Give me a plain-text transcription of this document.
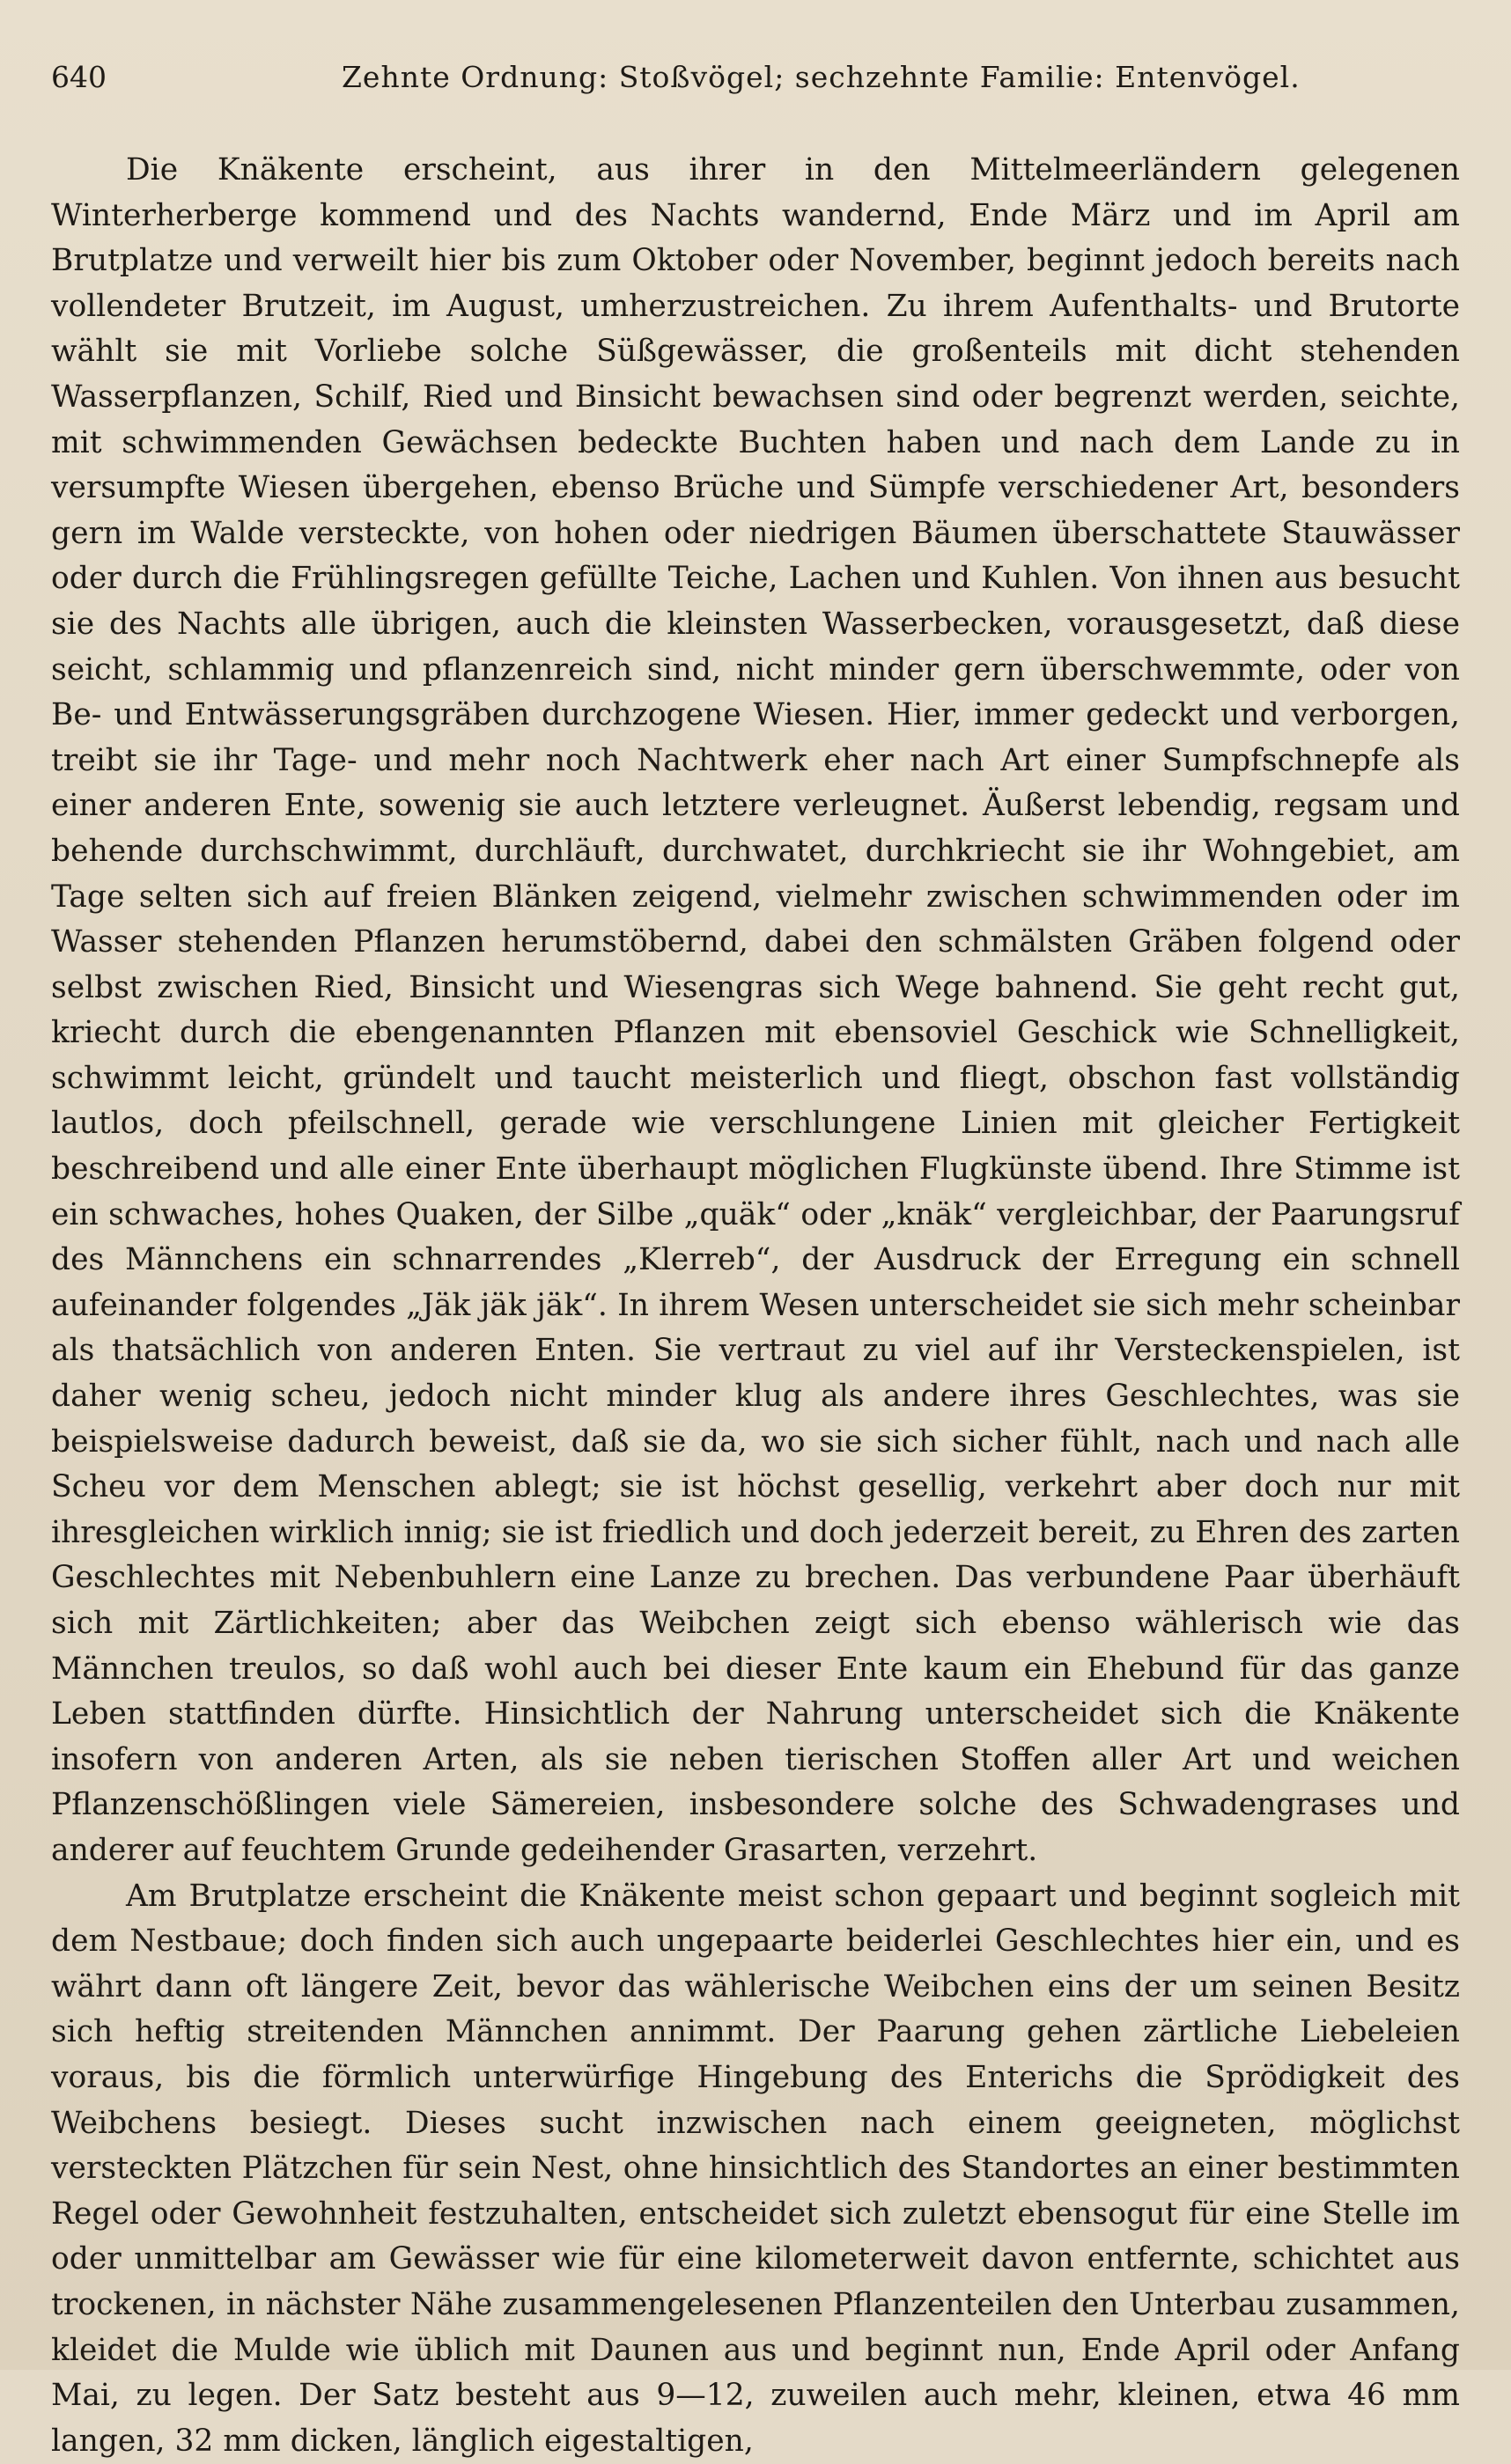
640	Zehnte Ordnung: Stoßvögel; sechzehnte Familie: Entenvögel.

Die Knäkente erscheint, aus ihrer in den Mittelmeerländern gelegenen Winterherberge kommend und des Nachts wandernd, Ende März und im April am Brutplatze und verweilt hier bis zum Oktober oder November, beginnt jedoch bereits nach vollendeter Brutzeit, im August, umherzustreichen. Zu ihrem Aufenthalts- und Brutorte wählt sie mit Vorliebe solche Süßgewässer, die großenteils mit dicht stehenden Wasserpflanzen, Schilf, Ried und Binsicht bewachsen sind oder begrenzt werden, seichte, mit schwimmenden Gewächsen bedeckte Buchten haben und nach dem Lande zu in versumpfte Wiesen übergehen, ebenso Brüche und Sümpfe verschiedener Art, besonders gern im Walde versteckte, von hohen oder niedrigen Bäumen überschattete Stauwässer oder durch die Frühlingsregen gefüllte Teiche, Lachen und Kuhlen. Von ihnen aus besucht sie des Nachts alle übrigen, auch die kleinsten Wasserbecken, vorausgesetzt, daß diese seicht, schlammig und pflanzenreich sind, nicht minder gern überschwemmte, oder von Be- und Entwässerungsgräben durchzogene Wiesen. Hier, immer gedeckt und verborgen, treibt sie ihr Tage- und mehr noch Nachtwerk eher nach Art einer Sumpfschnepfe als einer anderen Ente, sowenig sie auch letztere verleugnet. Äußerst lebendig, regsam und behende durchschwimmt, durchläuft, durchwatet, durchkriecht sie ihr Wohngebiet, am Tage selten sich auf freien Blänken zeigend, vielmehr zwischen schwimmenden oder im Wasser stehenden Pflanzen herumstöbernd, dabei den schmälsten Gräben folgend oder selbst zwischen Ried, Binsicht und Wiesengras sich Wege bahnend. Sie geht recht gut, kriecht durch die ebengenannten Pflanzen mit ebensoviel Geschick wie Schnelligkeit, schwimmt leicht, gründelt und taucht meisterlich und fliegt, obschon fast vollständig lautlos, doch pfeilschnell, gerade wie verschlungene Linien mit gleicher Fertigkeit beschreibend und alle einer Ente überhaupt möglichen Flugkünste übend. Ihre Stimme ist ein schwaches, hohes Quaken, der Silbe „quäk“ oder „knäk“ vergleichbar, der Paarungsruf des Männchens ein schnarrendes „Klerreb“, der Ausdruck der Erregung ein schnell aufeinander folgendes „Jäk jäk jäk“. In ihrem Wesen unterscheidet sie sich mehr scheinbar als thatsächlich von anderen Enten. Sie vertraut zu viel auf ihr Versteckenspielen, ist daher wenig scheu, jedoch nicht minder klug als andere ihres Geschlechtes, was sie beispielsweise dadurch beweist, daß sie da, wo sie sich sicher fühlt, nach und nach alle Scheu vor dem Menschen ablegt; sie ist höchst gesellig, verkehrt aber doch nur mit ihresgleichen wirklich innig; sie ist friedlich und doch jederzeit bereit, zu Ehren des zarten Geschlechtes mit Nebenbuhlern eine Lanze zu brechen. Das verbundene Paar überhäuft sich mit Zärtlichkeiten; aber das Weibchen zeigt sich ebenso wählerisch wie das Männchen treulos, so daß wohl auch bei dieser Ente kaum ein Ehebund für das ganze Leben stattfinden dürfte. Hinsichtlich der Nahrung unterscheidet sich die Knäkente insofern von anderen Arten, als sie neben tierischen Stoffen aller Art und weichen Pflanzenschößlingen viele Sämereien, insbesondere solche des Schwadengrases und anderer auf feuchtem Grunde gedeihender Grasarten, verzehrt.

Am Brutplatze erscheint die Knäkente meist schon gepaart und beginnt sogleich mit dem Nestbaue; doch finden sich auch ungepaarte beiderlei Geschlechtes hier ein, und es währt dann oft längere Zeit, bevor das wählerische Weibchen eins der um seinen Besitz sich heftig streitenden Männchen annimmt. Der Paarung gehen zärtliche Liebeleien voraus, bis die förmlich unterwürfige Hingebung des Enterichs die Sprödigkeit des Weibchens besiegt. Dieses sucht inzwischen nach einem geeigneten, möglichst versteckten Plätzchen für sein Nest, ohne hinsichtlich des Standortes an einer bestimmten Regel oder Gewohnheit festzuhalten, entscheidet sich zuletzt ebensogut für eine Stelle im oder unmittelbar am Gewässer wie für eine kilometerweit davon entfernte, schichtet aus trockenen, in nächster Nähe zusammengelesenen Pflanzenteilen den Unterbau zusammen, kleidet die Mulde wie üblich mit Daunen aus und beginnt nun, Ende April oder Anfang Mai, zu legen. Der Satz besteht aus 9—12, zuweilen auch mehr, kleinen, etwa 46 mm langen, 32 mm dicken, länglich eigestaltigen,
